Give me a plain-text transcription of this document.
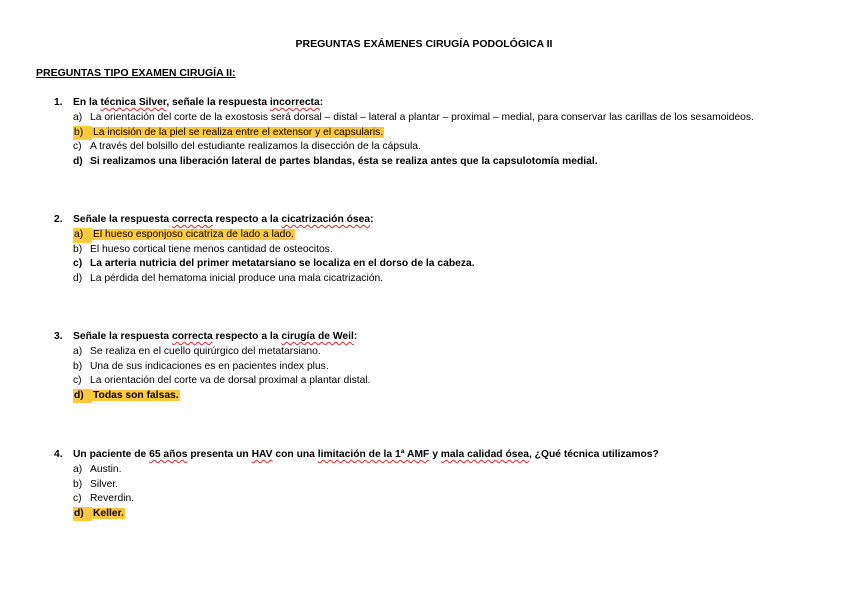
PREGUNTAS EXÁMENES CIRUGÍA PODOLÓGICA II
PREGUNTAS TIPO EXAMEN CIRUGÍA II:
1. En la técnica Silver, señale la respuesta incorrecta:
a) La orientación del corte de la exostosis será dorsal – distal – lateral a plantar – proximal – medial, para conservar las carillas de los sesamoideos.
b) La incisión de la piel se realiza entre el extensor y el capsularis.
c) A través del bolsillo del estudiante realizamos la disección de la cápsula.
d) Si realizamos una liberación lateral de partes blandas, ésta se realiza antes que la capsulotomía medial.
2. Señale la respuesta correcta respecto a la cicatrización ósea:
a) El hueso esponjoso cicatriza de lado a lado.
b) El hueso cortical tiene menos cantidad de osteocitos.
c) La arteria nutricia del primer metatarsiano se localiza en el dorso de la cabeza.
d) La pérdida del hematoma inicial produce una mala cicatrización.
3. Señale la respuesta correcta respecto a la cirugía de Weil:
a) Se realiza en el cuello quirúrgico del metatarsiano.
b) Una de sus indicaciones es en pacientes index plus.
c) La orientación del corte va de dorsal proximal a plantar distal.
d) Todas son falsas.
4. Un paciente de 65 años presenta un HAV con una limitación de la 1ª AMF y mala calidad ósea, ¿Qué técnica utilizamos?
a) Austin.
b) Silver.
c) Reverdin.
d) Keller.
